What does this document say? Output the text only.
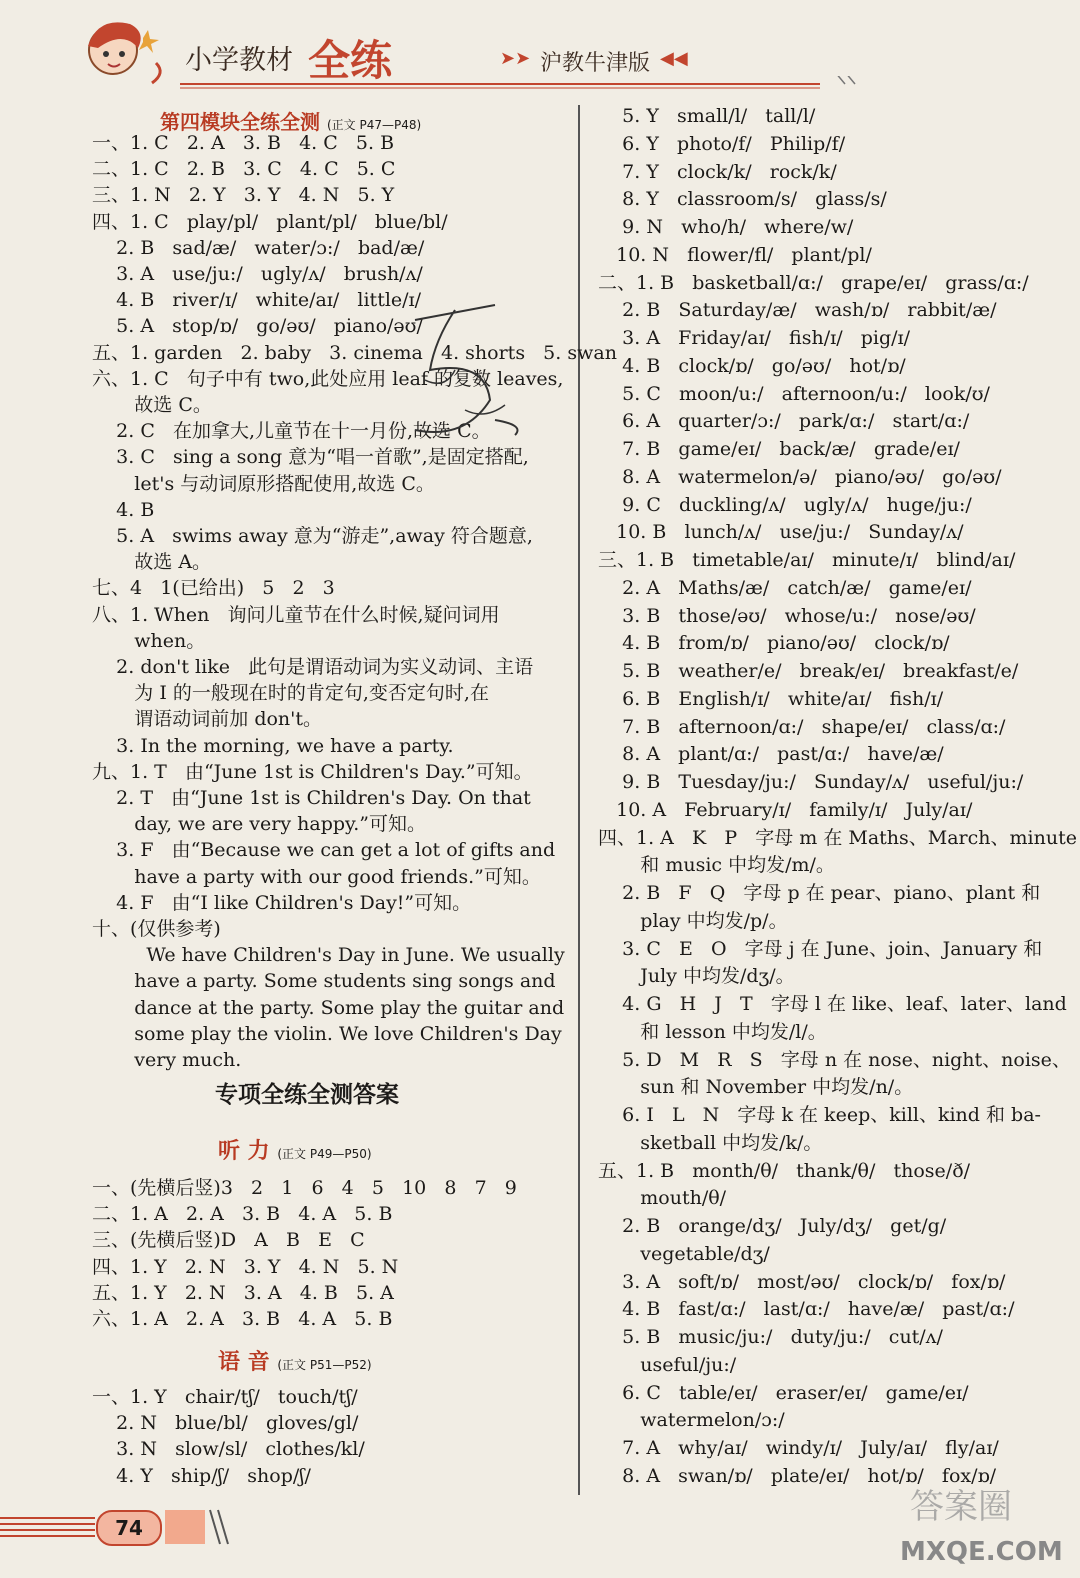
小学教材 全练	➤➤ 沪教牛津版 ◀◀
第四模块全练全测 (正文 P47—P48)
一、1. C   2. A   3. B   4. C   5. B
二、1. C   2. B   3. C   4. C   5. C
三、1. N   2. Y   3. Y   4. N   5. Y
四、1. C   play/pl/   plant/pl/   blue/bl/
2. B   sad/æ/   water/ɔ:/   bad/æ/
3. A   use/ju:/   ugly/ʌ/   brush/ʌ/
4. B   river/ɪ/   white/aɪ/   little/ɪ/
5. A   stop/ɒ/   go/əʊ/   piano/əʊ/
五、1. garden   2. baby   3. cinema   4. shorts   5. swan
六、1. C   句子中有 two,此处应用 leaf 的复数 leaves,
故选 C。
2. C   在加拿大,儿童节在十一月份,故选 C。
3. C   sing a song 意为“唱一首歌”,是固定搭配,
let's 与动词原形搭配使用,故选 C。
4. B
5. A   swims away 意为“游走”,away 符合题意,
故选 A。
七、4   1(已给出)   5   2   3
八、1. When   询问儿童节在什么时候,疑问词用
when。
2. don't like   此句是谓语动词为实义动词、主语
为 I 的一般现在时的肯定句,变否定句时,在
谓语动词前加 don't。
3. In the morning, we have a party.
九、1. T   由“June 1st is Children's Day.”可知。
2. T   由“June 1st is Children's Day. On that
day, we are very happy.”可知。
3. F   由“Because we can get a lot of gifts and
have a party with our good friends.”可知。
4. F   由“I like Children's Day!”可知。
十、(仅供参考)
We have Children's Day in June. We usually
have a party. Some students sing songs and
dance at the party. Some play the guitar and
some play the violin. We love Children's Day
very much.
专项全练全测答案
听 力 (正文 P49—P50)
一、(先横后竖)3   2   1   6   4   5   10   8   7   9
二、1. A   2. A   3. B   4. A   5. B
三、(先横后竖)D   A   B   E   C
四、1. Y   2. N   3. Y   4. N   5. N
五、1. Y   2. N   3. A   4. B   5. A
六、1. A   2. A   3. B   4. A   5. B
语 音 (正文 P51—P52)
一、1. Y   chair/tʃ/   touch/tʃ/
2. N   blue/bl/   gloves/gl/
3. N   slow/sl/   clothes/kl/
4. Y   ship/ʃ/   shop/ʃ/
5. Y   small/l/   tall/l/
6. Y   photo/f/   Philip/f/
7. Y   clock/k/   rock/k/
8. Y   classroom/s/   glass/s/
9. N   who/h/   where/w/
10. N   flower/fl/   plant/pl/
二、1. B   basketball/ɑ:/   grape/eɪ/   grass/ɑ:/
2. B   Saturday/æ/   wash/ɒ/   rabbit/æ/
3. A   Friday/aɪ/   fish/ɪ/   pig/ɪ/
4. B   clock/ɒ/   go/əʊ/   hot/ɒ/
5. C   moon/u:/   afternoon/u:/   look/ʊ/
6. A   quarter/ɔ:/   park/ɑ:/   start/ɑ:/
7. B   game/eɪ/   back/æ/   grade/eɪ/
8. A   watermelon/ə/   piano/əʊ/   go/əʊ/
9. C   duckling/ʌ/   ugly/ʌ/   huge/ju:/
10. B   lunch/ʌ/   use/ju:/   Sunday/ʌ/
三、1. B   timetable/aɪ/   minute/ɪ/   blind/aɪ/
2. A   Maths/æ/   catch/æ/   game/eɪ/
3. B   those/əʊ/   whose/u:/   nose/əʊ/
4. B   from/ɒ/   piano/əʊ/   clock/ɒ/
5. B   weather/e/   break/eɪ/   breakfast/e/
6. B   English/ɪ/   white/aɪ/   fish/ɪ/
7. B   afternoon/ɑ:/   shape/eɪ/   class/ɑ:/
8. A   plant/ɑ:/   past/ɑ:/   have/æ/
9. B   Tuesday/ju:/   Sunday/ʌ/   useful/ju:/
10. A   February/ɪ/   family/ɪ/   July/aɪ/
四、1. A   K   P   字母 m 在 Maths、March、minute
和 music 中均发/m/。
2. B   F   Q   字母 p 在 pear、piano、plant 和
play 中均发/p/。
3. C   E   O   字母 j 在 June、join、January 和
July 中均发/dʒ/。
4. G   H   J   T   字母 l 在 like、leaf、later、land
和 lesson 中均发/l/。
5. D   M   R   S   字母 n 在 nose、night、noise、
sun 和 November 中均发/n/。
6. I   L   N   字母 k 在 keep、kill、kind 和 ba-
sketball 中均发/k/。
五、1. B   month/θ/   thank/θ/   those/ð/
mouth/θ/
2. B   orange/dʒ/   July/dʒ/   get/g/
vegetable/dʒ/
3. A   soft/ɒ/   most/əʊ/   clock/ɒ/   fox/ɒ/
4. B   fast/ɑ:/   last/ɑ:/   have/æ/   past/ɑ:/
5. B   music/ju:/   duty/ju:/   cut/ʌ/
useful/ju:/
6. C   table/eɪ/   eraser/eɪ/   game/eɪ/
watermelon/ɔ:/
7. A   why/aɪ/   windy/ɪ/   July/aɪ/   fly/aɪ/
8. A   swan/ɒ/   plate/eɪ/   hot/ɒ/   fox/ɒ/
74
答案圈
MXQE.COM
